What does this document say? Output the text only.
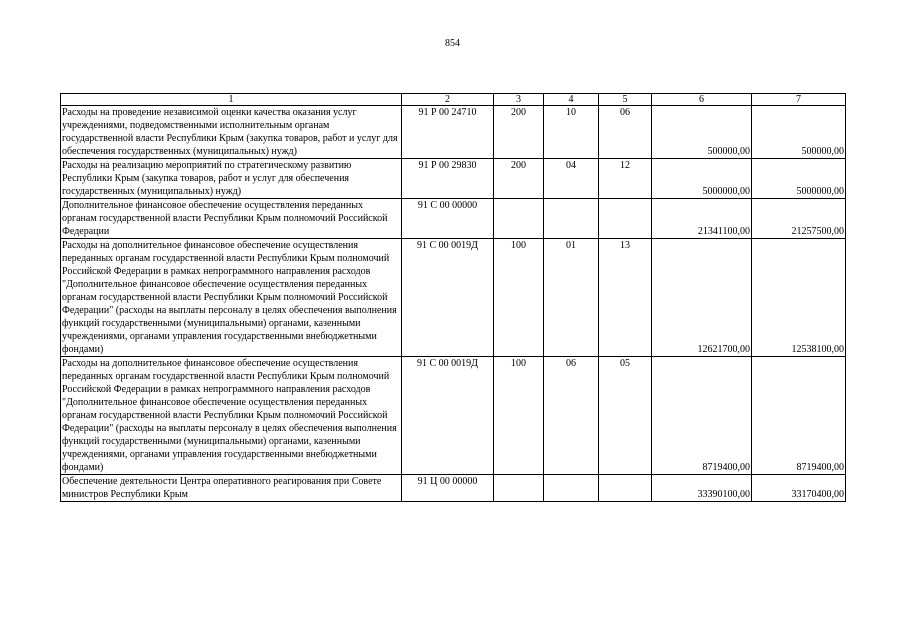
854
1	2	3	4	5	6	7
Расходы на проведение независимой оценки качества оказания услуг учреждениями, подведомственными исполнительным органам государственной власти Республики Крым (закупка товаров, работ и услуг для обеспечения государственных (муниципальных) нужд)	91 Р 00 24710	200	10	06	500000,00	500000,00
Расходы на реализацию мероприятий по стратегическому развитию Республики Крым (закупка товаров, работ и услуг для обеспечения государственных (муниципальных) нужд)	91 Р 00 29830	200	04	12	5000000,00	5000000,00
Дополнительное финансовое обеспечение осуществления переданных органам государственной власти Республики Крым полномочий Российской Федерации	91 С 00 00000				21341100,00	21257500,00
Расходы на дополнительное финансовое обеспечение осуществления переданных органам государственной власти Республики Крым полномочий Российской Федерации в рамках непрограммного направления расходов "Дополнительное финансовое обеспечение осуществления переданных органам государственной власти Республики Крым полномочий Российской Федерации" (расходы на выплаты персоналу в целях обеспечения выполнения функций государственными (муниципальными) органами, казенными учреждениями, органами управления государственными внебюджетными фондами)	91 С 00 0019Д	100	01	13	12621700,00	12538100,00
Расходы на дополнительное финансовое обеспечение осуществления переданных органам государственной власти Республики Крым полномочий Российской Федерации в рамках непрограммного направления расходов "Дополнительное финансовое обеспечение осуществления переданных органам государственной власти Республики Крым полномочий Российской Федерации" (расходы на выплаты персоналу в целях обеспечения выполнения функций государственными (муниципальными) органами, казенными учреждениями, органами управления государственными внебюджетными фондами)	91 С 00 0019Д	100	06	05	8719400,00	8719400,00
Обеспечение деятельности Центра оперативного реагирования при Совете министров Республики Крым	91 Ц 00 00000				33390100,00	33170400,00
